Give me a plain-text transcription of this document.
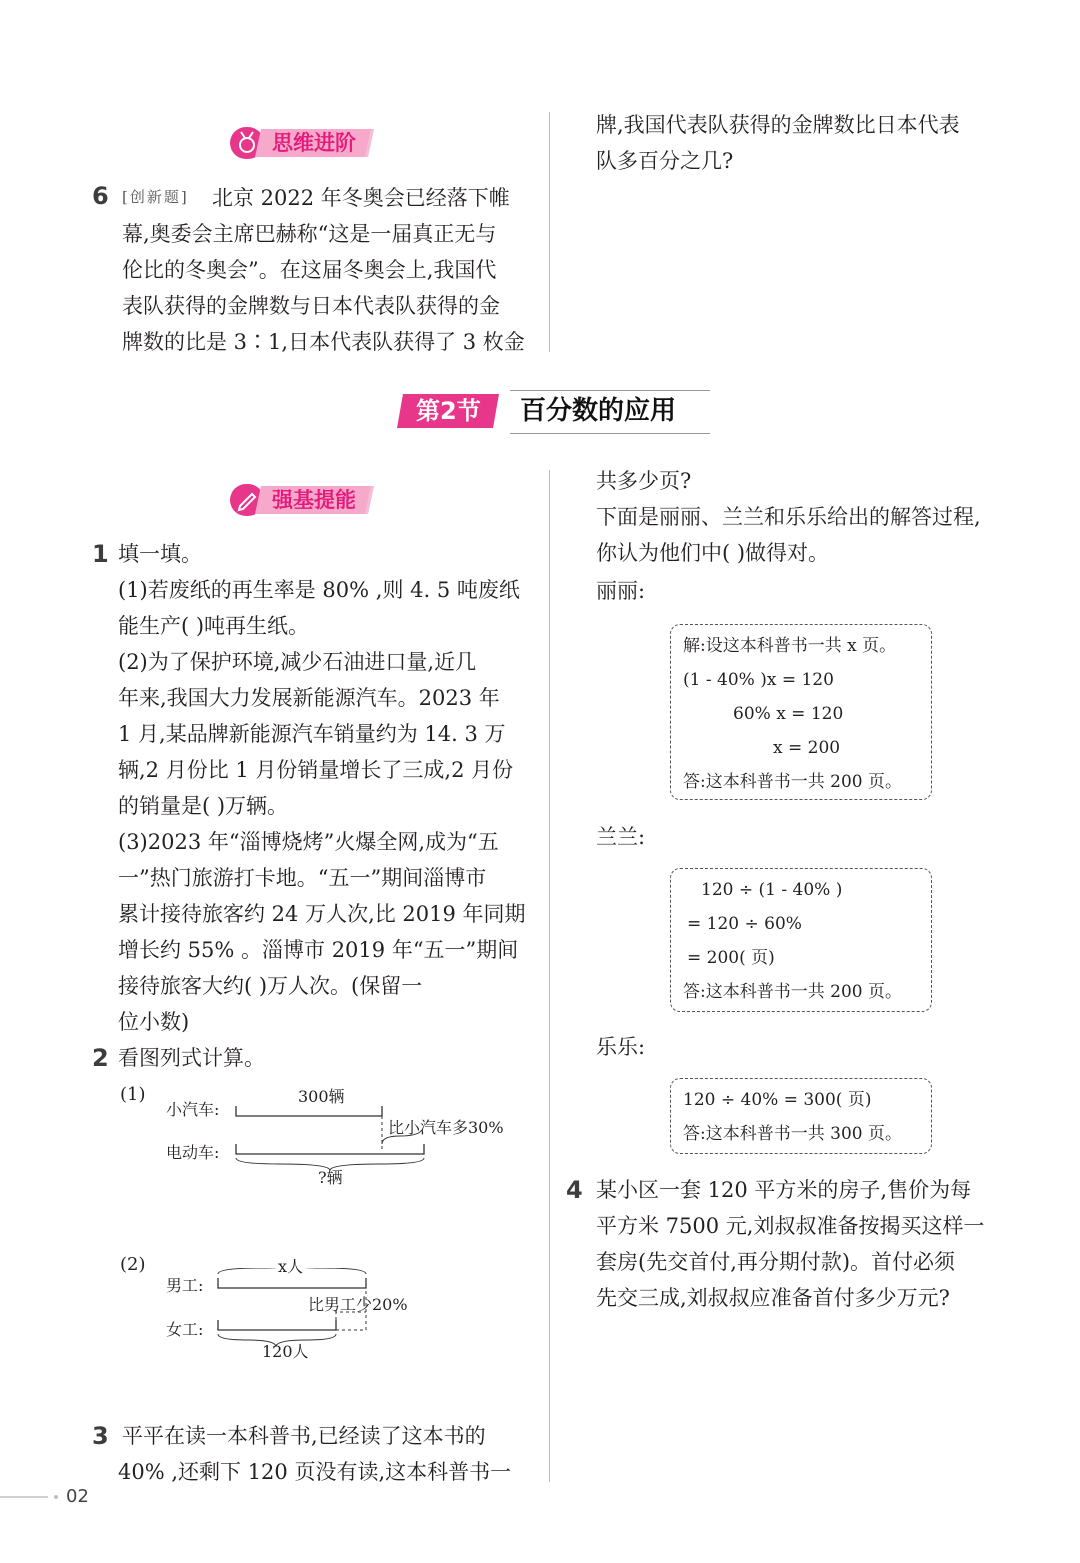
思维进阶
6 [创新题] 北京 2022 年冬奥会已经落下帷
幕,奥委会主席巴赫称“这是一届真正无与
伦比的冬奥会”。在这届冬奥会上,我国代
表队获得的金牌数与日本代表队获得的金
牌数的比是 3∶1,日本代表队获得了 3 枚金
牌,我国代表队获得的金牌数比日本代表
队多百分之几?
第2节 百分数的应用
强基提能
1 填一填。
(1)若废纸的再生率是 80% ,则 4. 5 吨废纸
能生产( )吨再生纸。
(2)为了保护环境,减少石油进口量,近几
年来,我国大力发展新能源汽车。2023 年
1 月,某品牌新能源汽车销量约为 14. 3 万
辆,2 月份比 1 月份销量增长了三成,2 月份
的销量是( )万辆。
(3)2023 年“淄博烧烤”火爆全网,成为“五
一”热门旅游打卡地。“五一”期间淄博市
累计接待旅客约 24 万人次,比 2019 年同期
增长约 55% 。淄博市 2019 年“五一”期间
接待旅客大约( )万人次。(保留一
位小数)
2 看图列式计算。
(1)
小汽车:
300辆
比小汽车多30%
电动车:
?辆
(2)	x人
男工:
比男工少20%
女工:
120人
3 平平在读一本科普书,已经读了这本书的
40% ,还剩下 120 页没有读,这本科普书一
共多少页?
下面是丽丽、兰兰和乐乐给出的解答过程,
你认为他们中( )做得对。
丽丽:
解:设这本科普书一共 x 页。
(1 - 40% )x = 120
60% x = 120
x = 200
答:这本科普书一共 200 页。
兰兰:
120 ÷ (1 - 40% )
= 120 ÷ 60%
= 200( 页)
答:这本科普书一共 200 页。
乐乐:
120 ÷ 40% = 300( 页)
答:这本科普书一共 300 页。
4 某小区一套 120 平方米的房子,售价为每
平方米 7500 元,刘叔叔准备按揭买这样一
套房(先交首付,再分期付款)。首付必须
先交三成,刘叔叔应准备首付多少万元?
02
